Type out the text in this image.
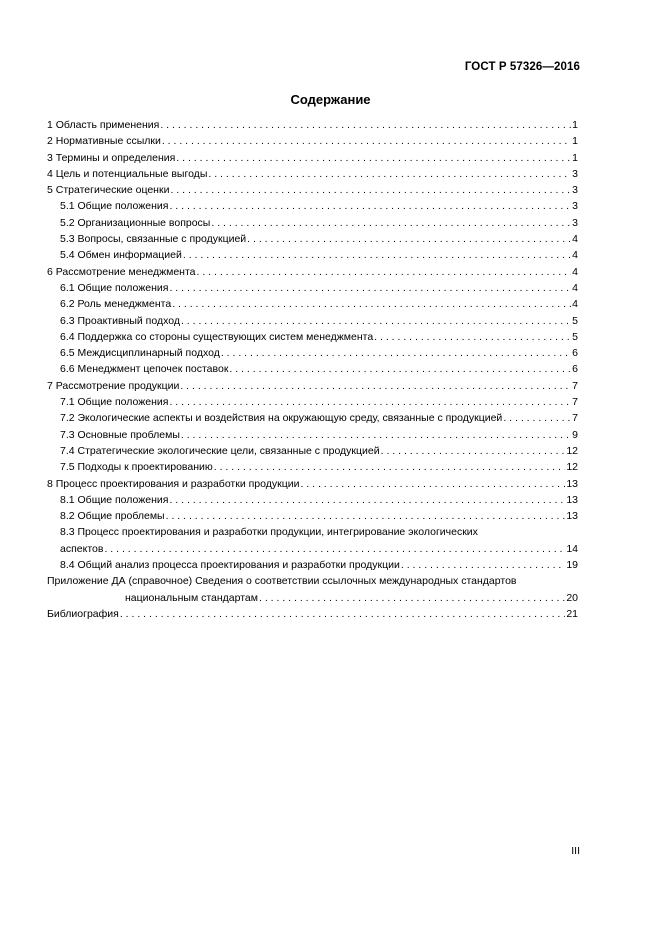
ГОСТ Р 57326—2016
Содержание
1 Область применения . . .	1
2 Нормативные ссылки . . .	1
3 Термины и определения . . .	1
4 Цель и потенциальные выгоды . . .	3
5 Стратегические оценки . . .	3
5.1 Общие положения . . .	3
5.2 Организационные вопросы . . .	3
5.3 Вопросы, связанные с продукцией . . .	4
5.4 Обмен информацией . . .	4
6 Рассмотрение менеджмента . . .	4
6.1 Общие положения . . .	4
6.2 Роль менеджмента . . .	4
6.3 Проактивный подход . . .	5
6.4 Поддержка со стороны существующих систем менеджмента . . .	5
6.5 Междисциплинарный подход . . .	6
6.6 Менеджмент цепочек поставок . . .	6
7 Рассмотрение продукции . . .	7
7.1 Общие положения . . .	7
7.2 Экологические аспекты и воздействия на окружающую среду, связанные с продукцией . . .	7
7.3 Основные проблемы . . .	9
7.4 Стратегические экологические цели, связанные с продукцией . . .	12
7.5 Подходы к проектированию . . .	12
8 Процесс проектирования и разработки продукции . . .	13
8.1 Общие положения . . .	13
8.2 Общие проблемы . . .	13
8.3 Процесс проектирования и разработки продукции, интегрирование экологических
аспектов . . .	14
8.4 Общий анализ процесса проектирования и разработки продукции . . .	19
Приложение ДА (справочное) Сведения о соответствии ссылочных международных стандартов
национальным стандартам . . .	20
Библиография . . .	21
III
